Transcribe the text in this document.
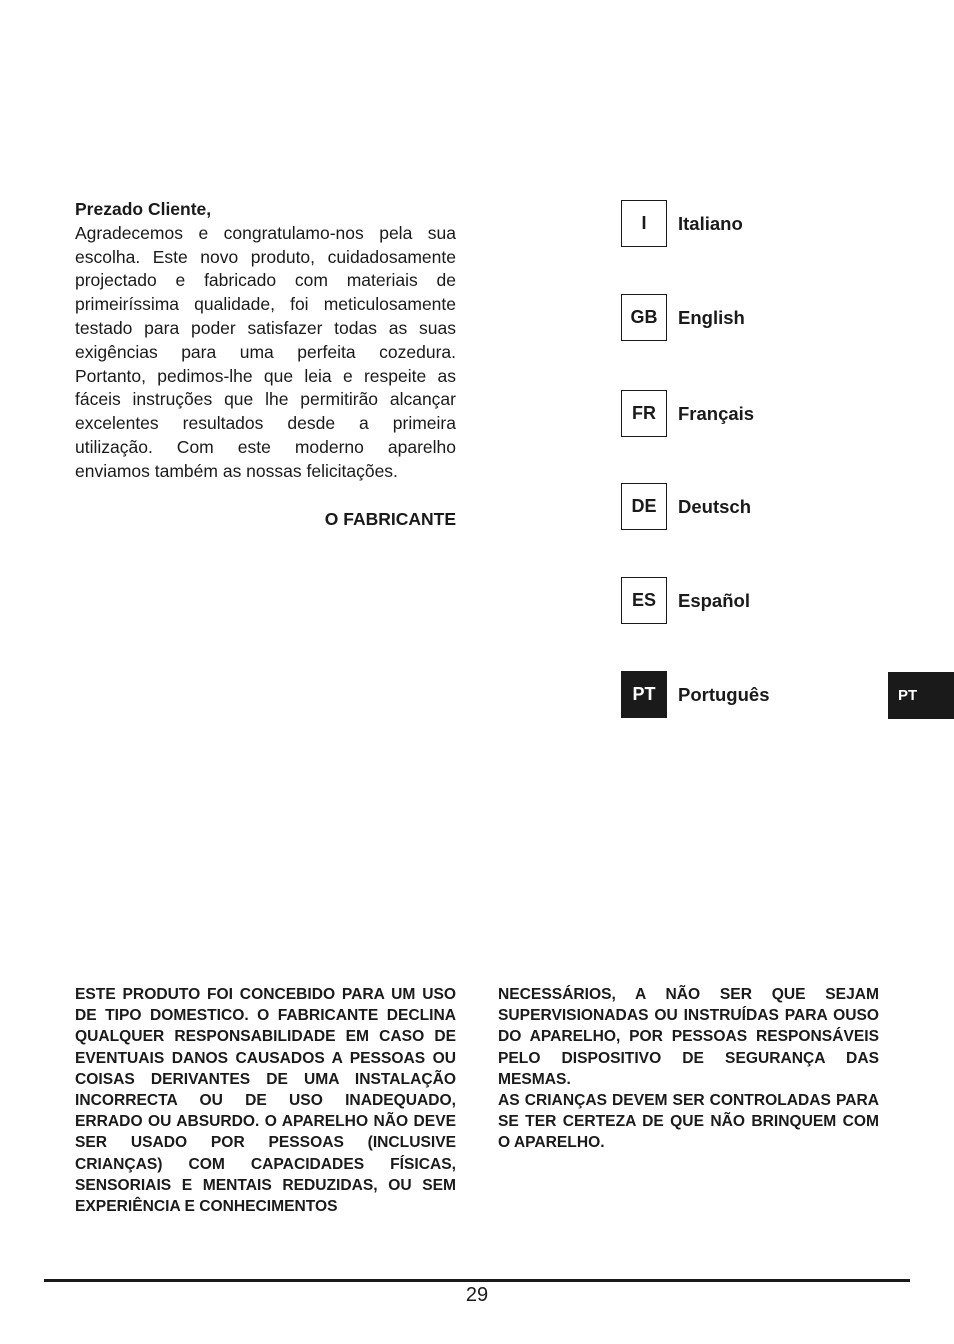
Prezado Cliente,

Agradecemos e congratulamo-nos pela sua escolha. Este novo produto, cuidadosamente projectado e fabricado com materiais de primeiríssima qualidade, foi meticulosamente testado para poder satisfazer todas as suas exigências para uma perfeita cozedura. Portanto, pedimos-lhe que leia e respeite as fáceis instruções que lhe permitirão alcançar excelentes resultados desde a primeira utilização. Com este moderno aparelho enviamos também as nossas felicitações.

O FABRICANTE

I	Italiano
GB	English
FR	Français
DE	Deutsch
ES	Español
PT	Português	PT

ESTE PRODUTO FOI CONCEBIDO PARA UM USO DE TIPO DOMESTICO. O FABRICANTE DECLINA QUALQUER RESPONSABILIDADE EM CASO DE EVENTUAIS DANOS CAUSADOS A PESSOAS OU COISAS DERIVANTES DE UMA INSTALAÇÃO INCORRECTA OU DE USO INADEQUADO, ERRADO OU ABSURDO. O APARELHO NÃO DEVE SER USADO POR PESSOAS (INCLUSIVE CRIANÇAS) COM CAPACIDADES FÍSICAS, SENSORIAIS E MENTAIS REDUZIDAS, OU SEM EXPERIÊNCIA E CONHECIMENTOS

NECESSÁRIOS, A NÃO SER QUE SEJAM SUPERVISIONADAS OU INSTRUÍDAS PARA OUSO DO APARELHO, POR PESSOAS RESPONSÁVEIS PELO DISPOSITIVO DE SEGURANÇA DAS MESMAS.

AS CRIANÇAS DEVEM SER CONTROLADAS PARA SE TER CERTEZA DE QUE NÃO BRINQUEM COM O APARELHO.

29
